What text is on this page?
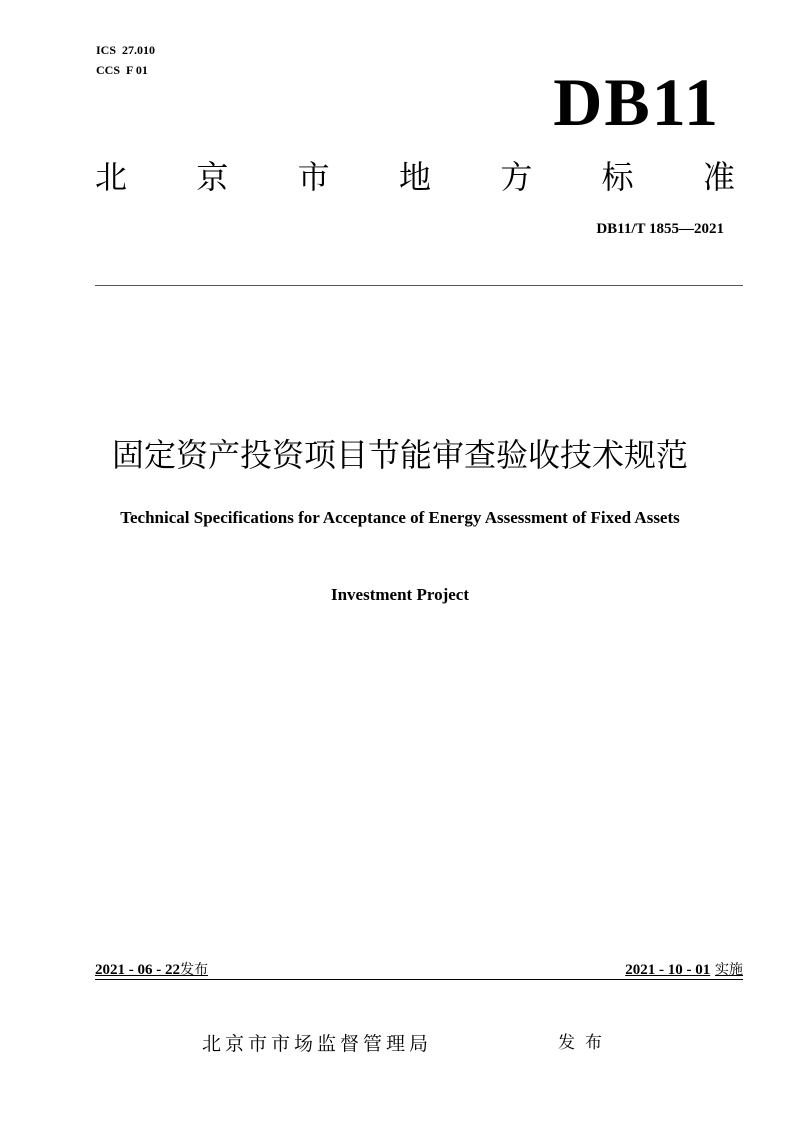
ICS  27.010
CCS  F 01	DB11
北 京 市 地 方 标 准
DB11/T 1855—2021
固定资产投资项目节能审查验收技术规范
Technical Specifications for Acceptance of Energy Assessment of Fixed Assets
Investment Project
2021 - 06 - 22发布	2021 - 10 - 01 实施
北京市市场监督管理局	发布
